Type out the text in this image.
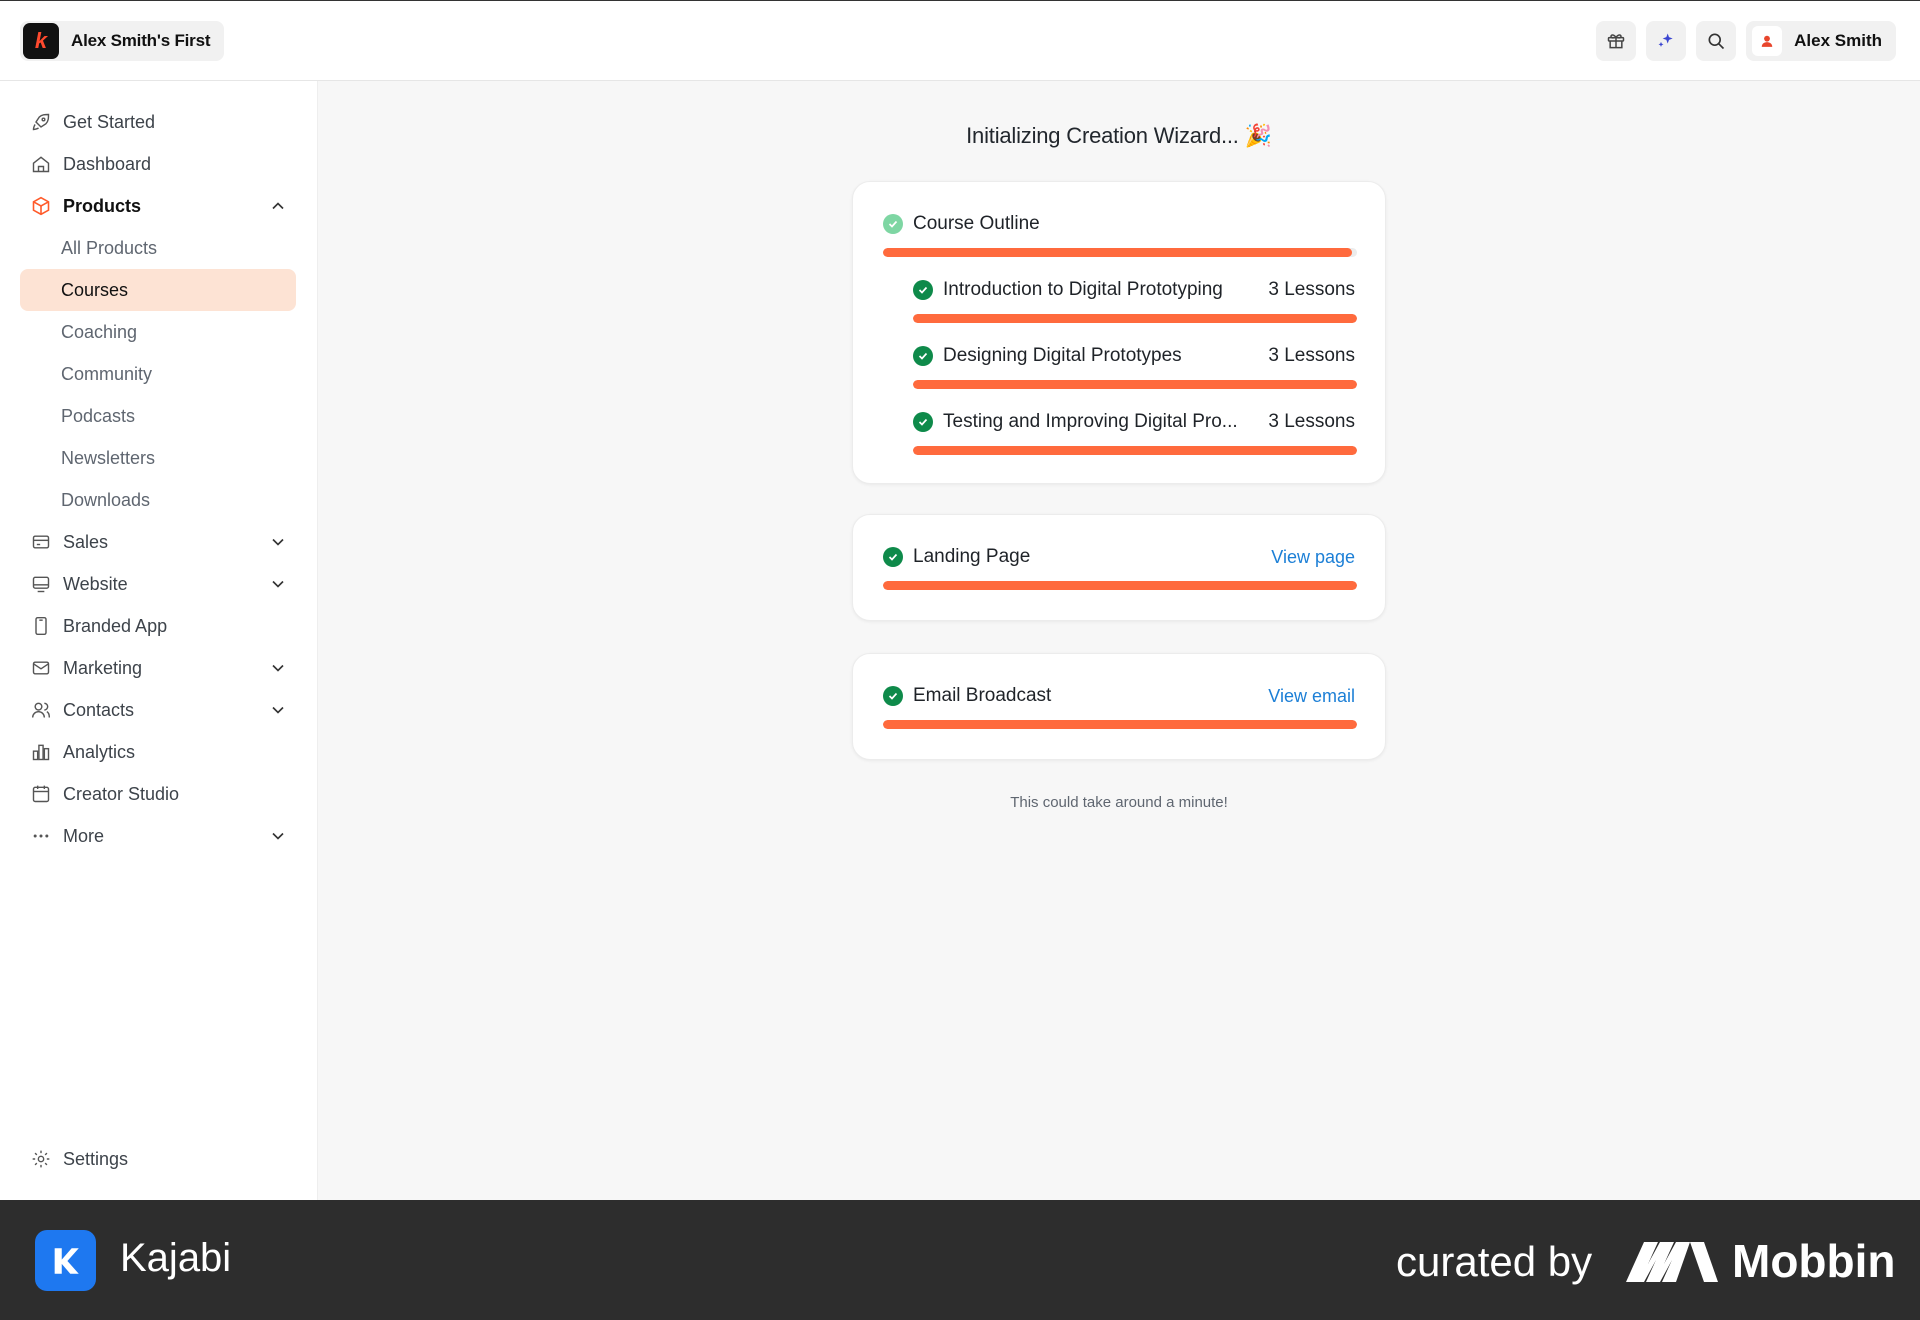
k	Alex Smith's First	Alex Smith
Get Started
Dashboard
Products
All Products
Courses
Coaching
Community
Podcasts
Newsletters
Downloads
Sales
Website
Branded App
Marketing
Contacts
Analytics
Creator Studio
More
Settings
Initializing Creation Wizard... 🎉
Course Outline
Introduction to Digital Prototyping 3 Lessons
Designing Digital Prototypes	3 Lessons
Testing and Improving Digital Pro... 3 Lessons
Landing Page	View page
Email Broadcast	View email
This could take around a minute!
Kajabi	curated by	Mobbin
